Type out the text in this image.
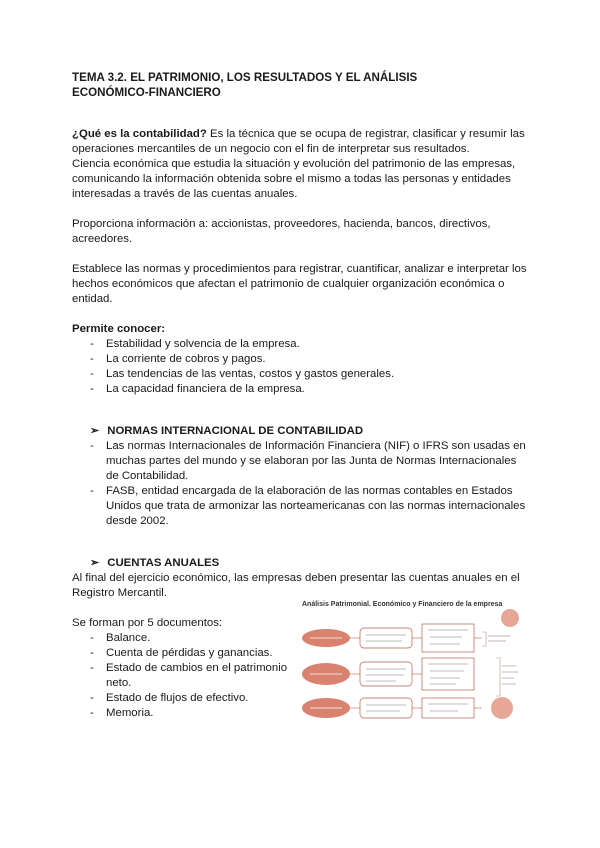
TEMA 3.2. EL PATRIMONIO, LOS RESULTADOS Y EL ANÁLISIS
ECONÓMICO-FINANCIERO

¿Qué es la contabilidad? Es la técnica que se ocupa de registrar, clasificar y resumir las operaciones mercantiles de un negocio con el fin de interpretar sus resultados.

Ciencia económica que estudia la situación y evolución del patrimonio de las empresas, comunicando la información obtenida sobre el mismo a todas las personas y entidades interesadas a través de las cuentas anuales.

Proporciona información a: accionistas, proveedores, hacienda, bancos, directivos, acreedores.

Establece las normas y procedimientos para registrar, cuantificar, analizar e interpretar los hechos económicos que afectan el patrimonio de cualquier organización económica o entidad.

Permite conocer:

- Estabilidad y solvencia de la empresa.
- La corriente de cobros y pagos.
- Las tendencias de las ventas, costos y gastos generales.
- La capacidad financiera de la empresa.
➢ NORMAS INTERNACIONAL DE CONTABILIDAD
- Las normas Internacionales de Información Financiera (NIF) o IFRS son usadas en muchas partes del mundo y se elaboran por las Junta de Normas Internacionales de Contabilidad.
- FASB, entidad encargada de la elaboración de las normas contables en Estados Unidos que trata de armonizar las norteamericanas con las normas internacionales desde 2002.
➢ CUENTAS ANUALES

Al final del ejercicio económico, las empresas deben presentar las cuentas anuales en el Registro Mercantil.

Se forman por 5 documentos:

- Balance.
- Cuenta de pérdidas y ganancias.
- Estado de cambios en el patrimonio neto.
- Estado de flujos de efectivo.
- Memoria.
Análisis Patrimonial. Económico y Financiero de la empresa
